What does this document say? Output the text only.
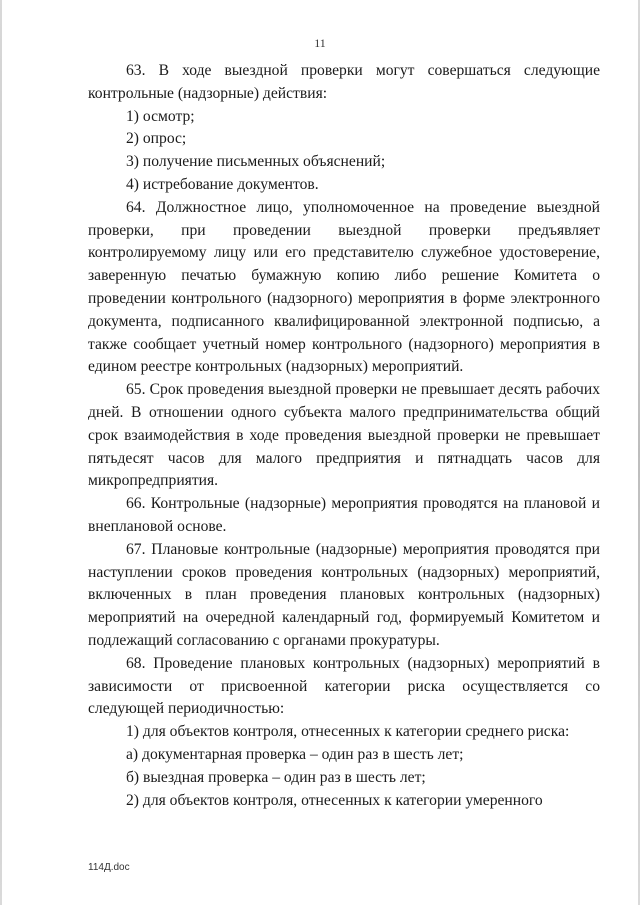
11

63. В ходе выездной проверки могут совершаться следующие контрольные (надзорные) действия:

1) осмотр;

2) опрос;

3) получение письменных объяснений;

4) истребование документов.

64. Должностное лицо, уполномоченное на проведение выездной проверки, при проведении выездной проверки предъявляет контролируемому лицу или его представителю служебное удостоверение, заверенную печатью бумажную копию либо решение Комитета о проведении контрольного (надзорного) мероприятия в форме электронного документа, подписанного квалифицированной электронной подписью, а также сообщает учетный номер контрольного (надзорного) мероприятия в едином реестре контрольных (надзорных) мероприятий.

65. Срок проведения выездной проверки не превышает десять рабочих дней. В отношении одного субъекта малого предпринимательства общий срок взаимодействия в ходе проведения выездной проверки не превышает пятьдесят часов для малого предприятия и пятнадцать часов для микропредприятия.

66. Контрольные (надзорные) мероприятия проводятся на плановой и внеплановой основе.

67. Плановые контрольные (надзорные) мероприятия проводятся при наступлении сроков проведения контрольных (надзорных) мероприятий, включенных в план проведения плановых контрольных (надзорных) мероприятий на очередной календарный год, формируемый Комитетом и подлежащий согласованию с органами прокуратуры.

68. Проведение плановых контрольных (надзорных) мероприятий в зависимости от присвоенной категории риска осуществляется со следующей периодичностью:

1) для объектов контроля, отнесенных к категории среднего риска:

а) документарная проверка – один раз в шесть лет;

б) выездная проверка – один раз в шесть лет;

2) для объектов контроля, отнесенных к категории умеренного

114Д.doc
